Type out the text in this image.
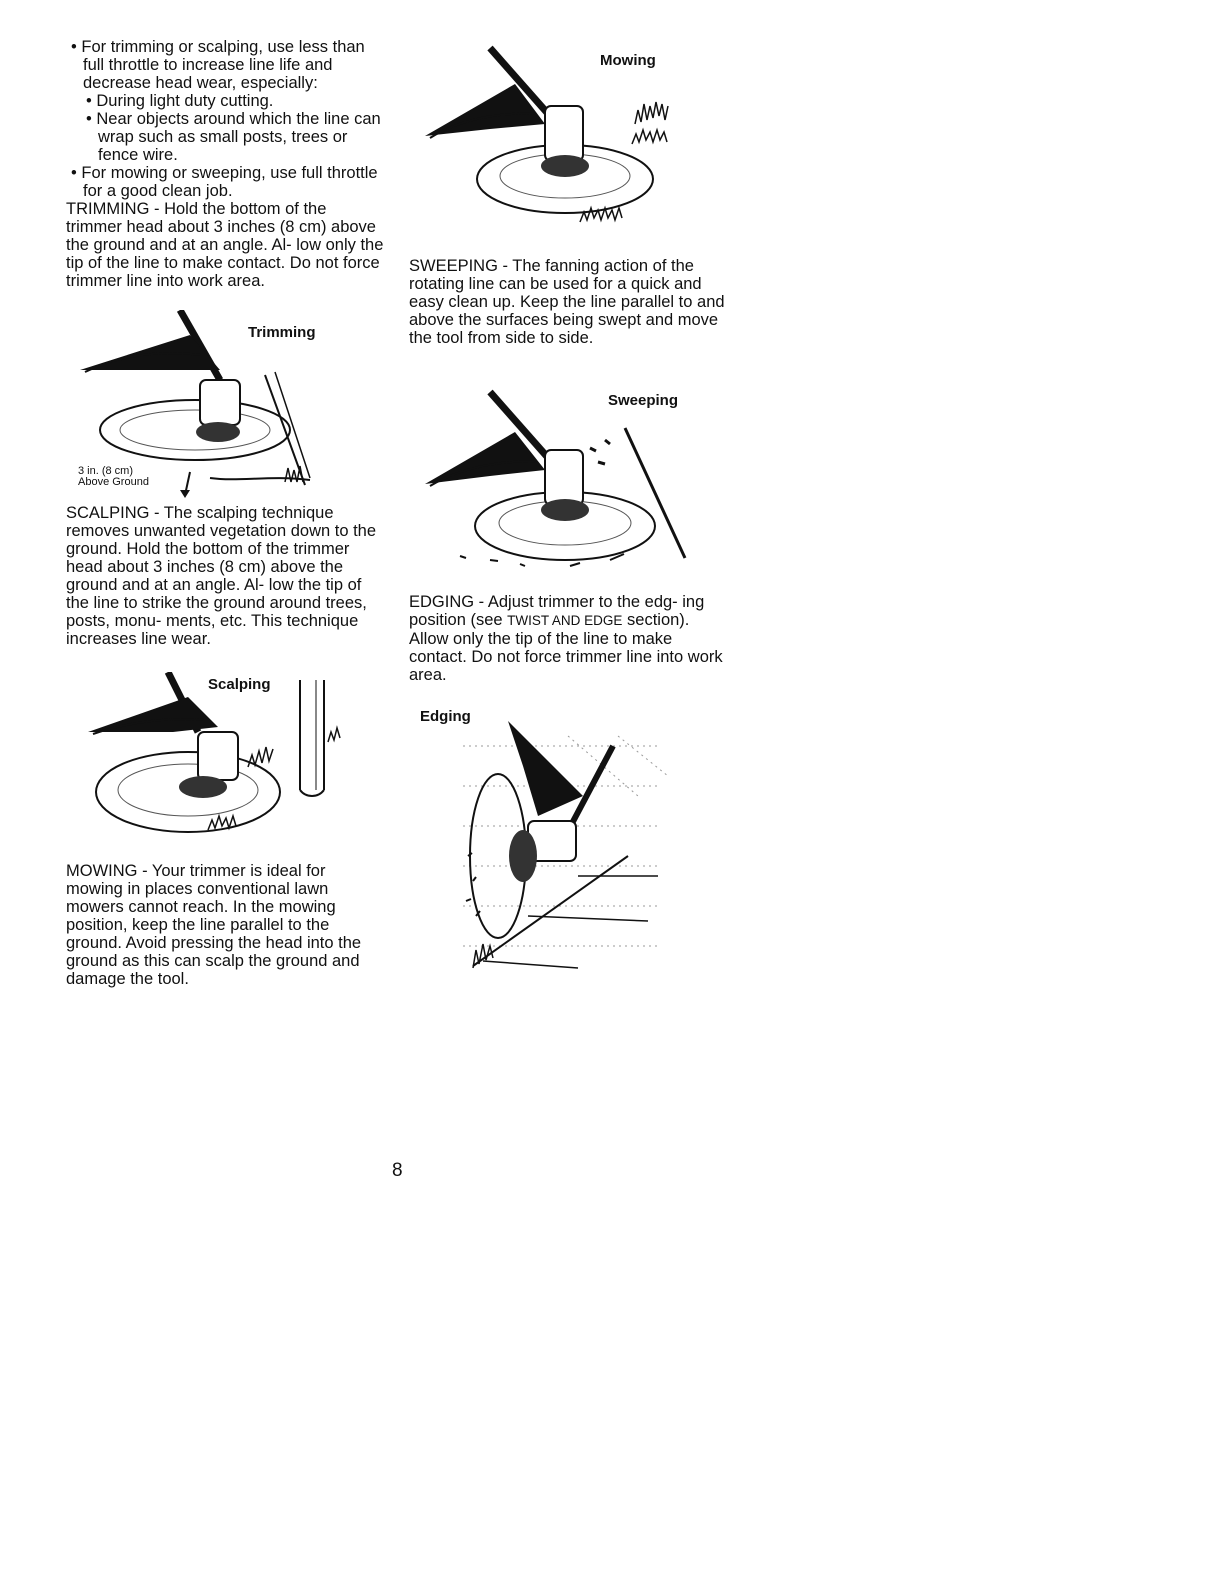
• For trimming or scalping, use less than full throttle to increase line life and decrease head wear, especially:

• During light duty cutting.

• Near objects around which the line can wrap such as small posts, trees or fence wire.

• For mowing or sweeping, use full throttle for a good clean job.

TRIMMING - Hold the bottom of the trimmer head about 3 inches (8 cm) above the ground and at an angle. Al- low only the tip of the line to make contact. Do not force trimmer line into work area.

Trimming
3 in. (8 cm)
Above Ground

SCALPING - The scalping technique removes unwanted vegetation down to the ground. Hold the bottom of the trimmer head about 3 inches (8 cm) above the ground and at an angle. Al- low the tip of the line to strike the ground around trees, posts, monu- ments, etc. This technique increases line wear.

Scalping

MOWING - Your trimmer is ideal for mowing in places conventional lawn mowers cannot reach. In the mowing position, keep the line parallel to the ground. Avoid pressing the head into the ground as this can scalp the ground and damage the tool.

Mowing

SWEEPING - The fanning action of the rotating line can be used for a quick and easy clean up. Keep the line parallel to and above the surfaces being swept and move the tool from side to side.

Sweeping

EDGING - Adjust trimmer to the edg- ing position (see TWIST AND EDGE section). Allow only the tip of the line to make contact. Do not force trimmer line into work area.

Edging
8
